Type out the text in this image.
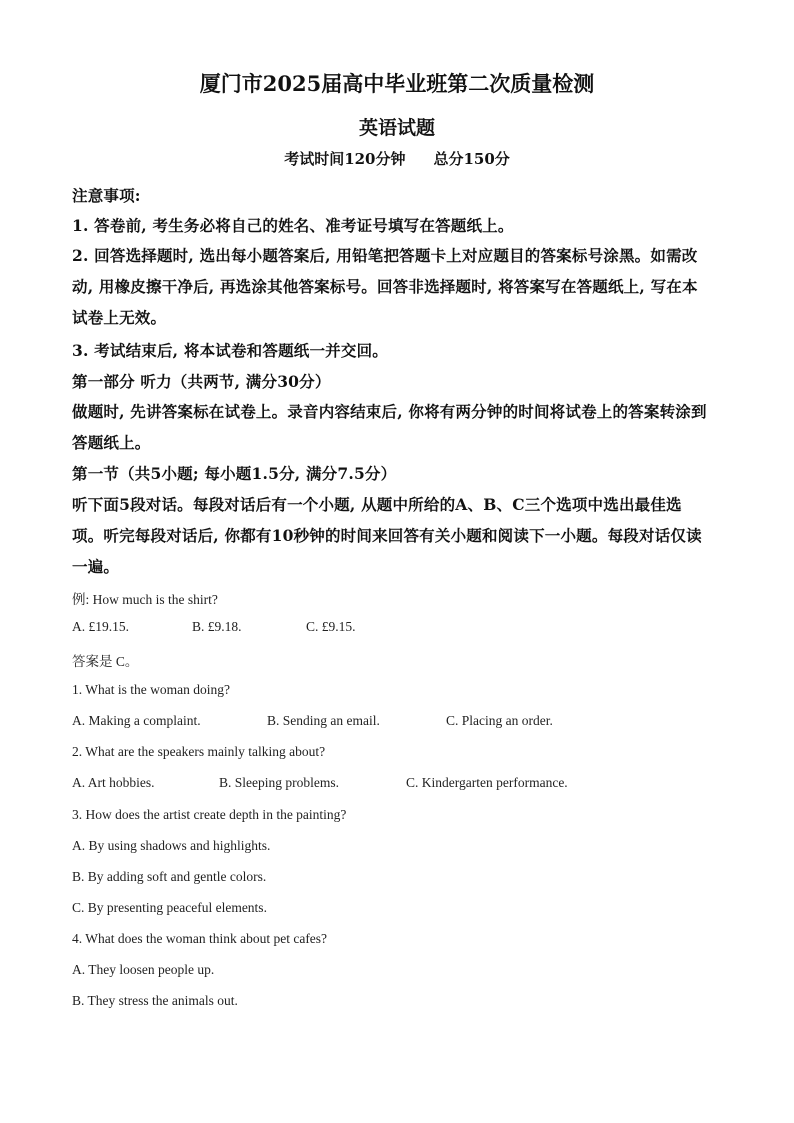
厦门市2025届高中毕业班第二次质量检测
英语试题
考试时间120分钟 总分150分
注意事项:
1. 答卷前, 考生务必将自己的姓名、准考证号填写在答题纸上。
2. 回答选择题时, 选出每小题答案后, 用铅笔把答题卡上对应题目的答案标号涂黑。如需改
动, 用橡皮擦干净后, 再选涂其他答案标号。回答非选择题时, 将答案写在答题纸上, 写在本
试卷上无效。
3. 考试结束后, 将本试卷和答题纸一并交回。
第一部分 听力（共两节, 满分30分）
做题时, 先讲答案标在试卷上。录音内容结束后, 你将有两分钟的时间将试卷上的答案转涂到
答题纸上。
第一节（共5小题; 每小题1.5分, 满分7.5分）
听下面5段对话。每段对话后有一个小题, 从题中所给的A、B、C三个选项中选出最佳选
项。听完每段对话后, 你都有10秒钟的时间来回答有关小题和阅读下一小题。每段对话仅读
一遍。
例: How much is the shirt?
A. £19.15.	B. £9.18.	C. £9.15.
答案是 C。
1. What is the woman doing?
A. Making a complaint.	B. Sending an email.	C. Placing an order.
2. What are the speakers mainly talking about?
A. Art hobbies.	B. Sleeping problems.	C. Kindergarten performance.
3. How does the artist create depth in the painting?
A. By using shadows and highlights.
B. By adding soft and gentle colors.
C. By presenting peaceful elements.
4. What does the woman think about pet cafes?
A. They loosen people up.
B. They stress the animals out.
